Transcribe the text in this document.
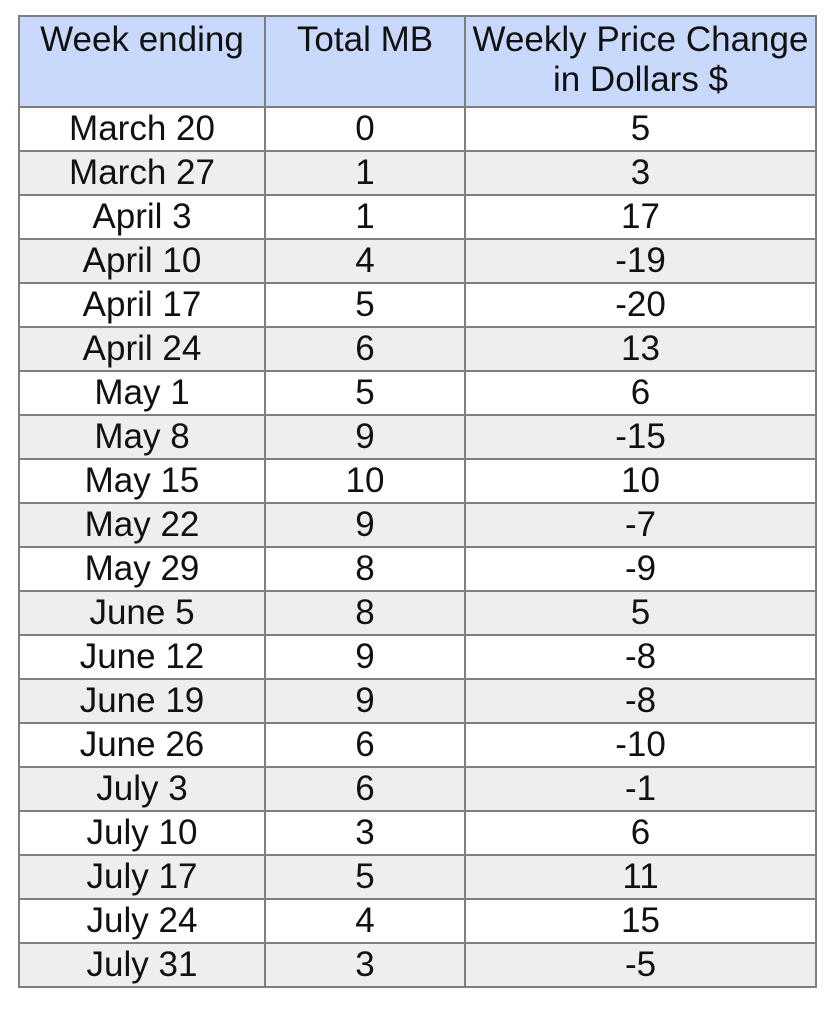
Week ending	Total MB	Weekly Price Change in Dollars $
March 20	0	5
March 27	1	3
April 3	1	17
April 10	4	-19
April 17	5	-20
April 24	6	13
May 1	5	6
May 8	9	-15
May 15	10	10
May 22	9	-7
May 29	8	-9
June 5	8	5
June 12	9	-8
June 19	9	-8
June 26	6	-10
July 3	6	-1
July 10	3	6
July 17	5	11
July 24	4	15
July 31	3	-5
